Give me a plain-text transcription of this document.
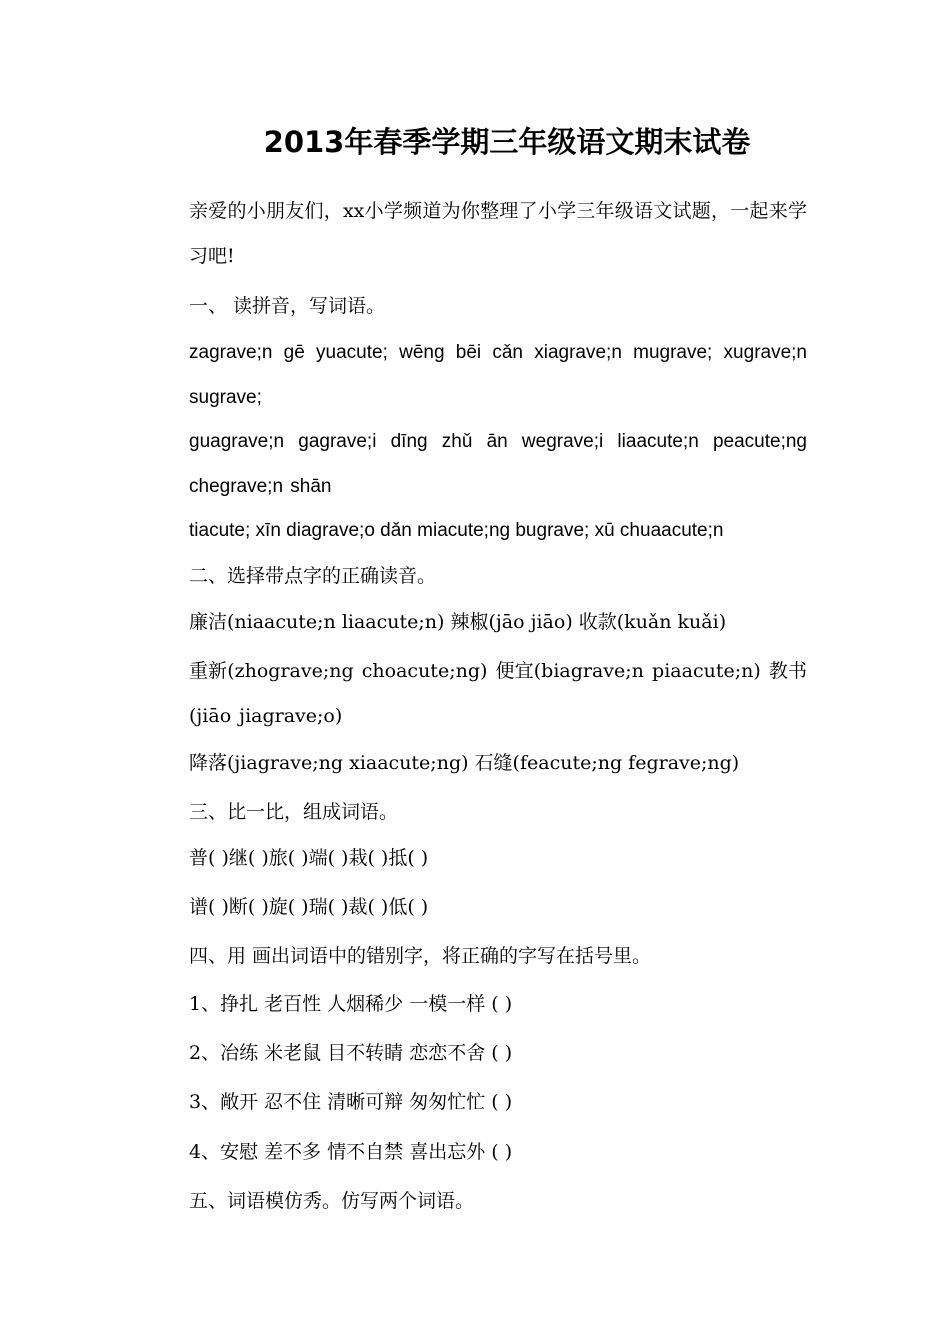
2013年春季学期三年级语文期末试卷
亲爱的小朋友们，xx小学频道为你整理了小学三年级语文试题，一起来学习吧!
一、 读拼音，写词语。
zagrave;n gē yuacute; wēng bēi cǎn xiagrave;n mugrave; xugrave;n sugrave;
guagrave;n gagrave;i dīng zhǔ ān wegrave;i liaacute;n peacute;ng chegrave;n shān
tiacute; xīn diagrave;o dǎn miacute;ng bugrave; xū chuaacute;n
二、选择带点字的正确读音。
廉洁(niaacute;n liaacute;n) 辣椒(jāo jiāo) 收款(kuǎn kuǎi)
重新(zhograve;ng choacute;ng) 便宜(biagrave;n piaacute;n) 教书(jiāo jiagrave;o)
降落(jiagrave;ng xiaacute;ng) 石缝(feacute;ng fegrave;ng)
三、比一比，组成词语。
普( )继( )旅( )端( )栽( )抵( )
谱( )断( )旋( )瑞( )裁( )低( )
四、用 画出词语中的错别字，将正确的字写在括号里。
1、挣扎 老百性 人烟稀少 一模一样 ( )
2、冶练 米老鼠 目不转睛 恋恋不舍 ( )
3、敞开 忍不住 清晰可辩 匆匆忙忙 ( )
4、安慰 差不多 情不自禁 喜出忘外 ( )
五、词语模仿秀。仿写两个词语。
